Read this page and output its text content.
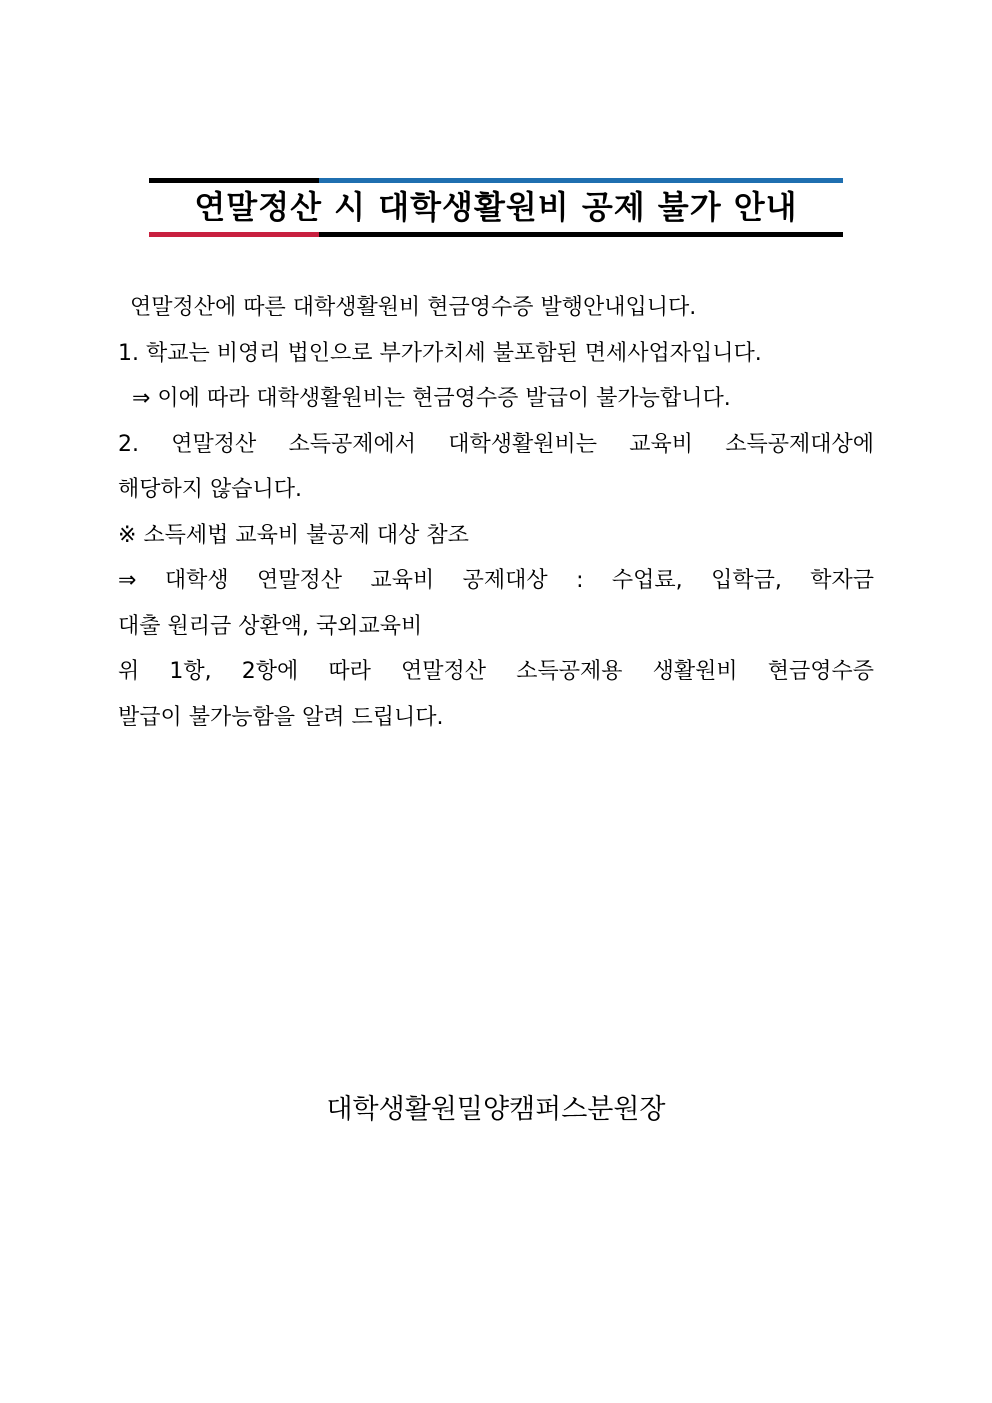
연말정산 시 대학생활원비 공제 불가 안내
연말정산에 따른 대학생활원비 현금영수증 발행안내입니다.
1. 학교는 비영리 법인으로 부가가치세 불포함된 면세사업자입니다.
⇒ 이에 따라 대학생활원비는 현금영수증 발급이 불가능합니다.
2. 연말정산 소득공제에서 대학생활원비는 교육비 소득공제대상에
해당하지 않습니다.
※ 소득세법 교육비 불공제 대상 참조
⇒ 대학생 연말정산 교육비 공제대상 : 수업료, 입학금, 학자금
대출 원리금 상환액, 국외교육비
위 1항, 2항에 따라 연말정산 소득공제용 생활원비 현금영수증
발급이 불가능함을 알려 드립니다.
대학생활원밀양캠퍼스분원장
